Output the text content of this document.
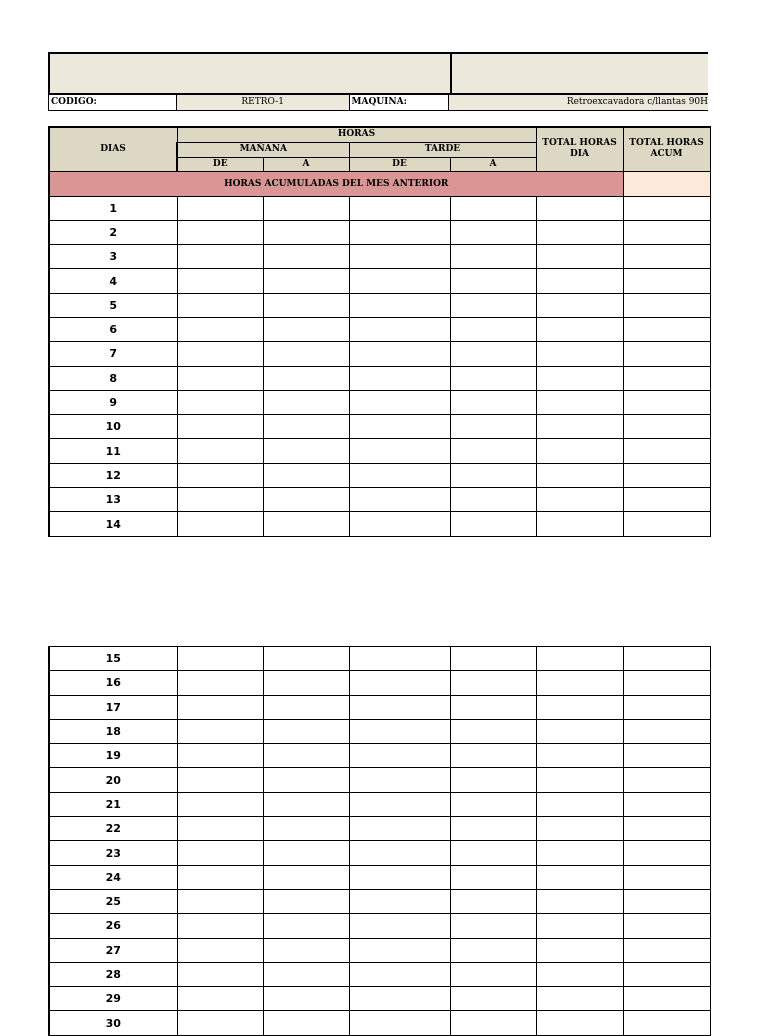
CODIGO:	RETRO-1	MAQUINA:	Retroexcavadora c/llantas 90H
DIAS	HORAS				TOTAL HORAS DIA	TOTAL HORAS ACUM
	MAÑANA		TARDE			
	DE	A	DE	A		
HORAS ACUMULADAS DEL MES ANTERIOR						
1						
2						
3						
4						
5						
6						
7						
8						
9						
10						
11						
12						
13						
14						
15						
16						
17						
18						
19						
20						
21						
22						
23						
24						
25						
26						
27						
28						
29						
30						
